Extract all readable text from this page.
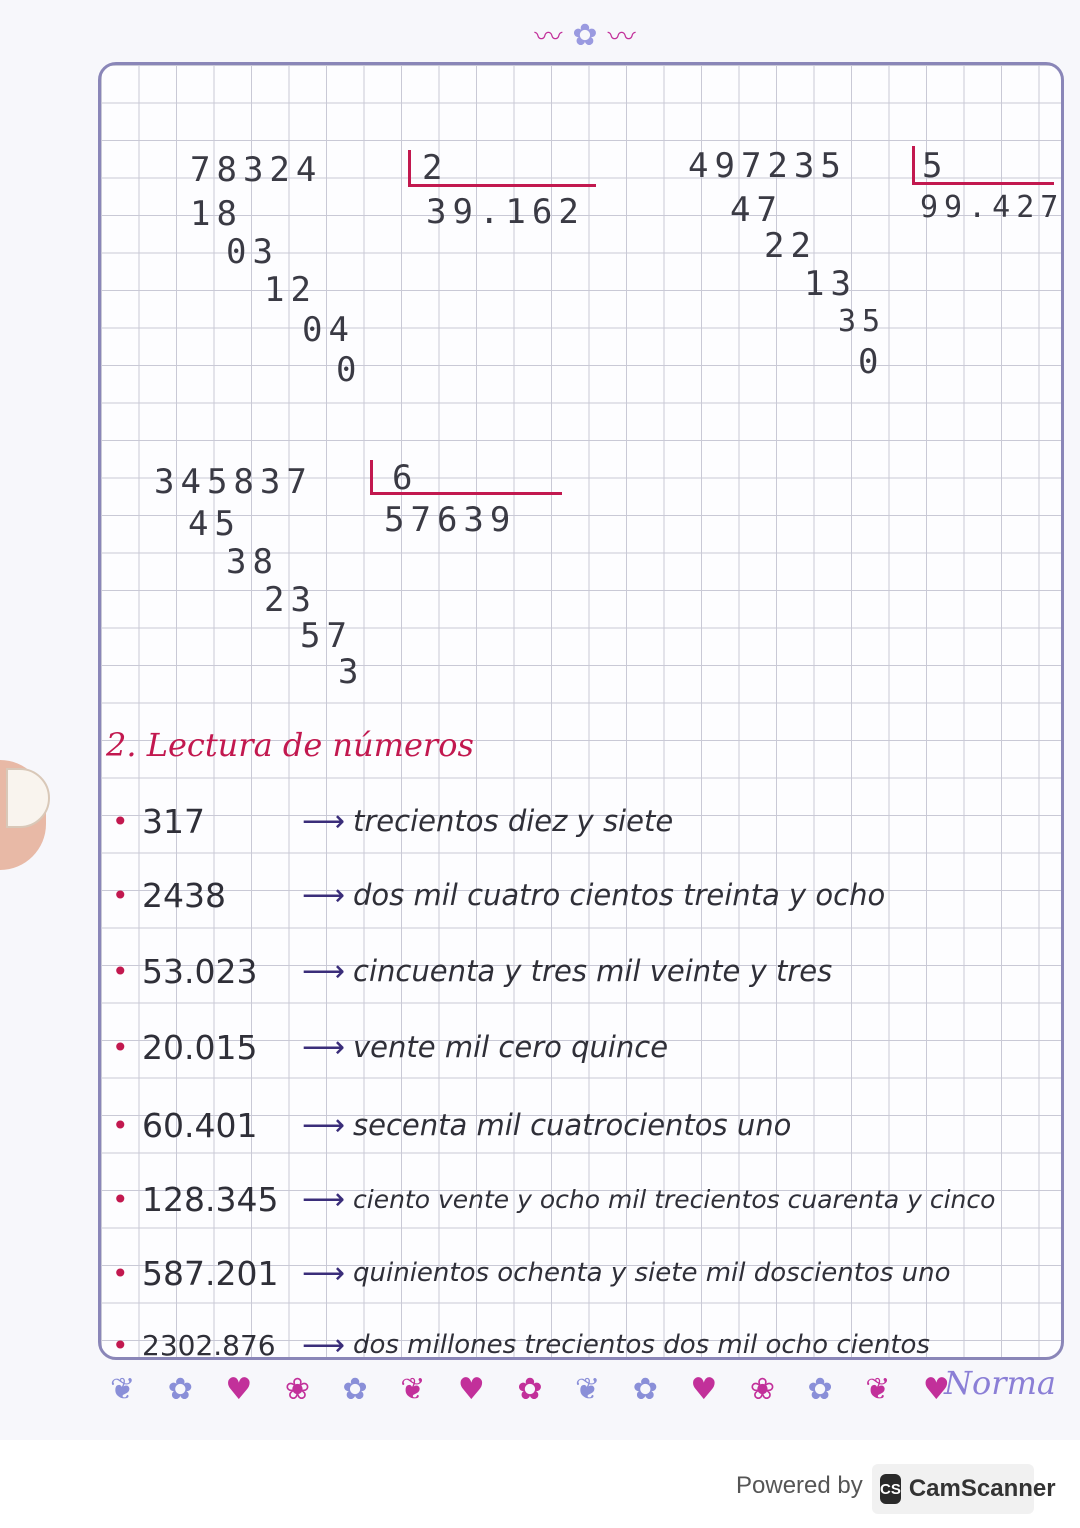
〰 ✿ 〰
78324	2
39.162
18
03
12
04
0
497235 5
99.427
47
22
13
35
0
345837 6
57639
45
38
23
57
3
2. Lectura de números
• 317	⟶ trecientos diez y siete
• 2438	⟶ dos mil cuatro cientos treinta y ocho
• 53.023	⟶ cincuenta y tres mil veinte y tres
• 20.015	⟶ vente mil cero quince
• 60.401	⟶ secenta mil cuatrocientos uno
• 128.345 ⟶ ciento vente y ocho mil trecientos cuarenta y cinco
• 587.201 ⟶ quinientos ochenta y siete mil doscientos uno
• 2302.876 ⟶ dos millones trecientos dos mil ocho cientos
❦ ✿ ♥ ❀ ✿ ❦ ♥ ✿ ❦ ✿ ♥ ❀ ✿ ❦ ♥
Norma
Powered by CS CamScanner
